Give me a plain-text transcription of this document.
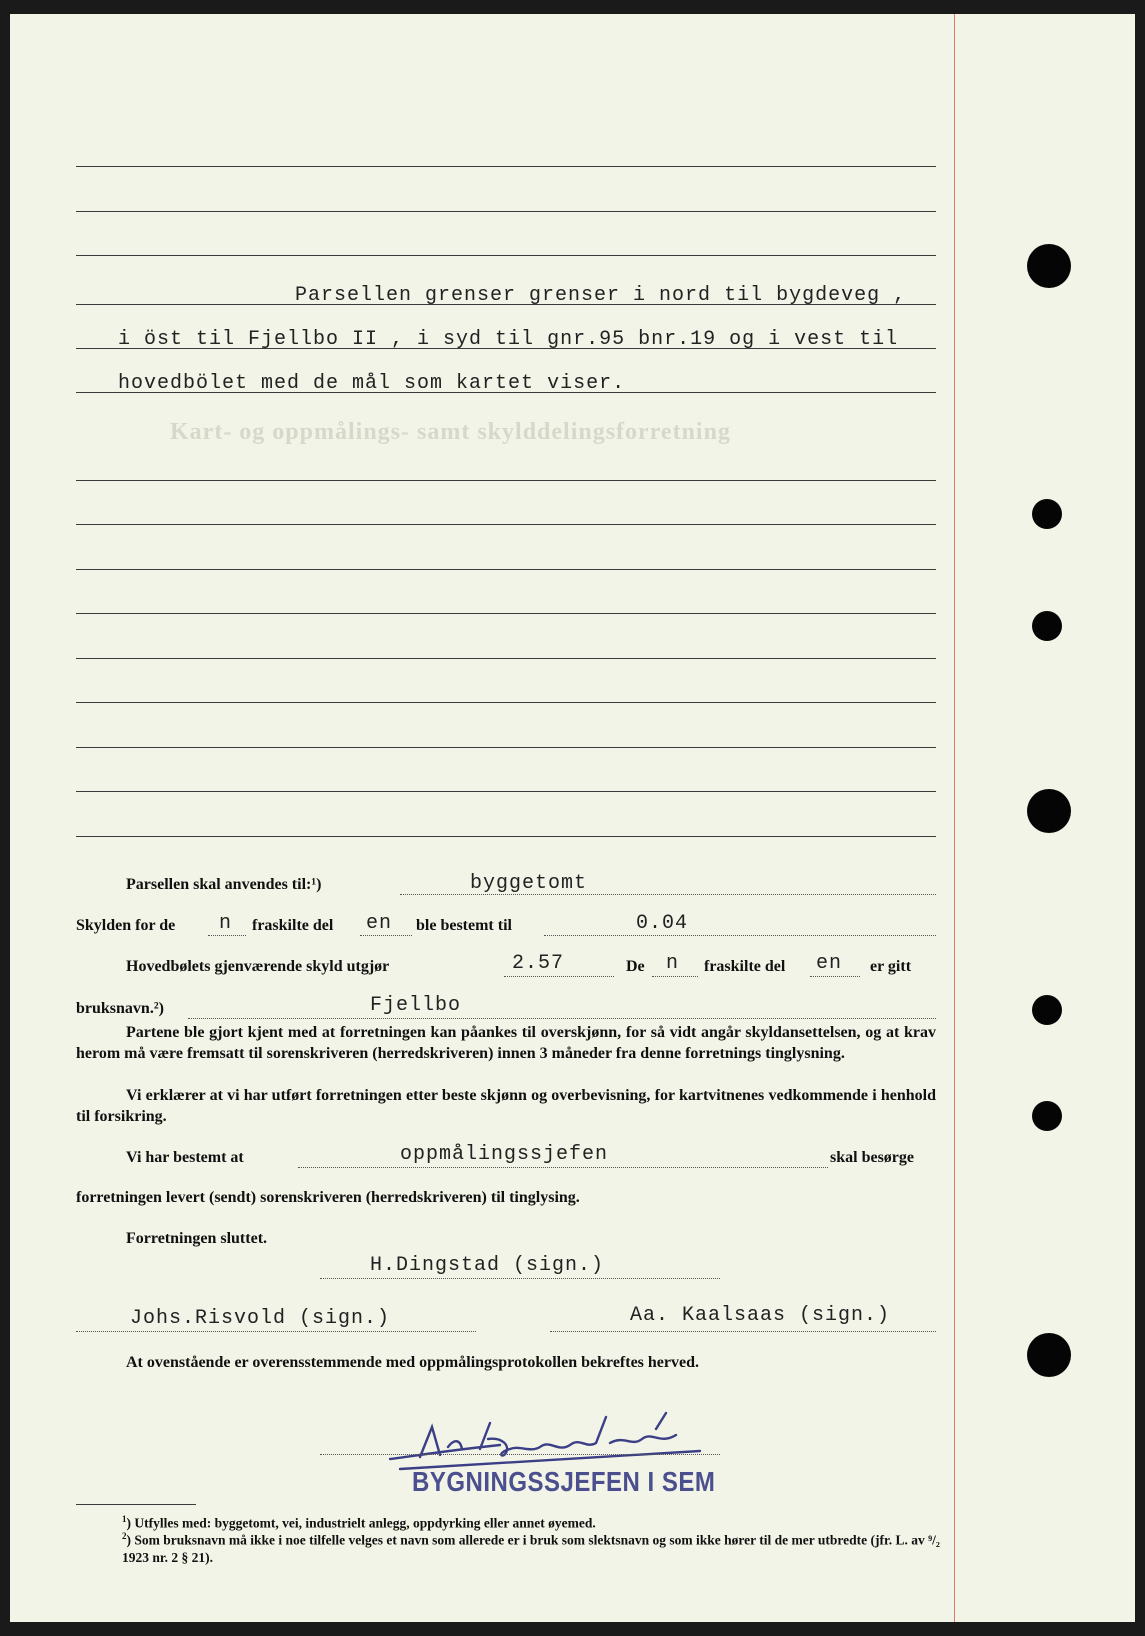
Parsellen grenser grenser i nord til bygdeveg ,
i öst til Fjellbo II , i syd til gnr.95 bnr.19 og i vest til
hovedbölet med de mål som kartet viser.
Kart- og oppmålings- samt skylddelingsforretning
Parsellen skal anvendes til:¹)	byggetomt
Skylden for de n fraskilte del en ble bestemt til	0.04
Hovedbølets gjenværende skyld utgjør	2.57	De n fraskilte del en er gitt
bruksnavn.²)	Fjellbo
Partene ble gjort kjent med at forretningen kan påankes til overskjønn, for så vidt angår skyldansettelsen, og at krav herom må være fremsatt til sorenskriveren (herredskriveren) innen 3 måneder fra denne forretnings tinglysning.
Vi erklærer at vi har utført forretningen etter beste skjønn og overbevisning, for kartvitnenes vedkommende i henhold til forsikring.
Vi har bestemt at	oppmålingssjefen	skal besørge
forretningen levert (sendt) sorenskriveren (herredskriveren) til tinglysing.
Forretningen sluttet.
H.Dingstad (sign.)
Johs.Risvold (sign.)	Aa. Kaalsaas (sign.)
At ovenstående er overensstemmende med oppmålingsprotokollen bekreftes herved.
BYGNINGSSJEFEN I SEM
$^1$) Utfylles med: byggetomt, vei, industrielt anlegg, oppdyrking eller annet øyemed.
$^2$) Som bruksnavn må ikke i noe tilfelle velges et navn som allerede er i bruk som slektsnavn og som ikke hører til de mer utbredte (jfr. L. av ⁹/₂ 1923 nr. 2 § 21).
